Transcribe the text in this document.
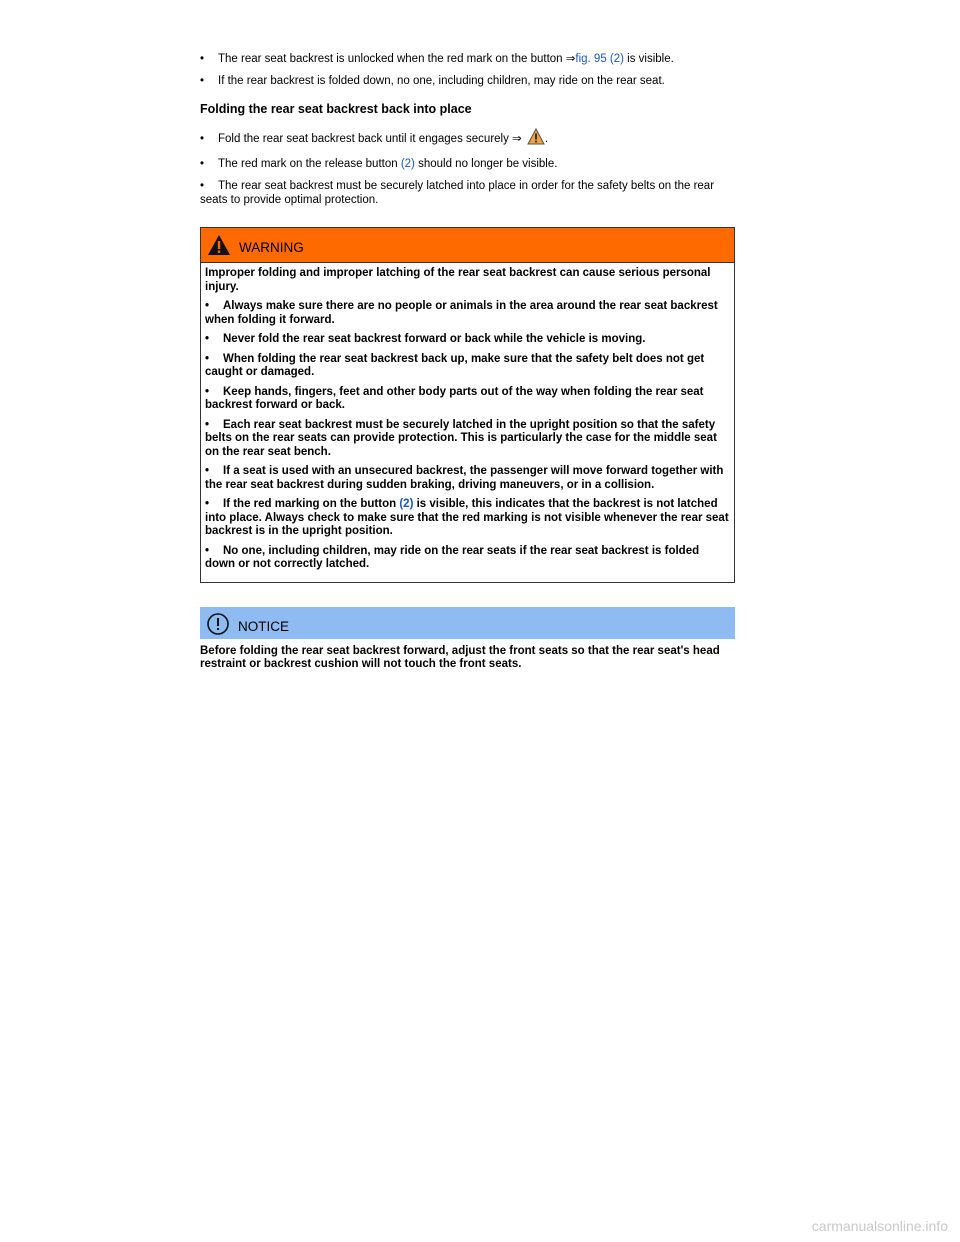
• The rear seat backrest is unlocked when the red mark on the button ⇒fig. 95 (2) is visible.

• If the rear backrest is folded down, no one, including children, may ride on the rear seat.

Folding the rear seat backrest back into place

• Fold the rear seat backrest back until it engages securely ⇒ .

• The red mark on the release button (2) should no longer be visible.

• The rear seat backrest must be securely latched into place in order for the safety belts on the rear seats to provide optimal protection.

WARNING

Improper folding and improper latching of the rear seat backrest can cause serious personal injury.

• Always make sure there are no people or animals in the area around the rear seat backrest when folding it forward.

• Never fold the rear seat backrest forward or back while the vehicle is moving.

• When folding the rear seat backrest back up, make sure that the safety belt does not get caught or damaged.

• Keep hands, fingers, feet and other body parts out of the way when folding the rear seat backrest forward or back.

• Each rear seat backrest must be securely latched in the upright position so that the safety belts on the rear seats can provide protection. This is particularly the case for the middle seat on the rear seat bench.

• If a seat is used with an unsecured backrest, the passenger will move forward together with the rear seat backrest during sudden braking, driving maneuvers, or in a collision.

• If the red marking on the button (2) is visible, this indicates that the backrest is not latched into place. Always check to make sure that the red marking is not visible whenever the rear seat backrest is in the upright position.

• No one, including children, may ride on the rear seats if the rear seat backrest is folded down or not correctly latched.

NOTICE

Before folding the rear seat backrest forward, adjust the front seats so that the rear seat's head restraint or backrest cushion will not touch the front seats.

carmanualsonline.info
